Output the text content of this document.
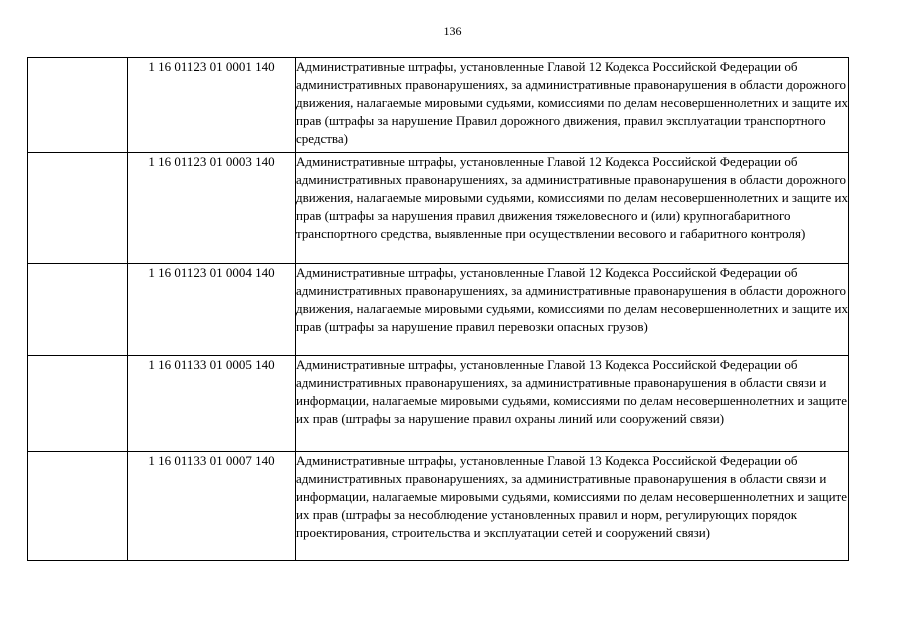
136
	1 16 01123 01 0001 140	Административные штрафы, установленные Главой 12 Кодекса Российской Федерации об административных правонарушениях, за административные правонарушения в области дорожного движения, налагаемые мировыми судьями, комиссиями по делам несовершеннолетних и защите их прав (штрафы за нарушение Правил дорожного движения, правил эксплуатации транспортного средства)
	1 16 01123 01 0003 140	Административные штрафы, установленные Главой 12 Кодекса Российской Федерации об административных правонарушениях, за административные правонарушения в области дорожного движения, налагаемые мировыми судьями, комиссиями по делам несовершеннолетних и защите их прав (штрафы за нарушения правил движения тяжеловесного и (или) крупногабаритного транспортного средства, выявленные при осуществлении весового и габаритного контроля)
	1 16 01123 01 0004 140	Административные штрафы, установленные Главой 12 Кодекса Российской Федерации об административных правонарушениях, за административные правонарушения в области дорожного движения, налагаемые мировыми судьями, комиссиями по делам несовершеннолетних и защите их прав (штрафы за нарушение правил перевозки опасных грузов)
	1 16 01133 01 0005 140	Административные штрафы, установленные Главой 13 Кодекса Российской Федерации об административных правонарушениях, за административные правонарушения в области связи и информации, налагаемые мировыми судьями, комиссиями по делам несовершеннолетних и защите их прав (штрафы за нарушение правил охраны линий или сооружений связи)
	1 16 01133 01 0007 140	Административные штрафы, установленные Главой 13 Кодекса Российской Федерации об административных правонарушениях, за административные правонарушения в области связи и информации, налагаемые мировыми судьями, комиссиями по делам несовершеннолетних и защите их прав (штрафы за несоблюдение установленных правил и норм, регулирующих порядок проектирования, строительства и эксплуатации сетей и сооружений связи)
